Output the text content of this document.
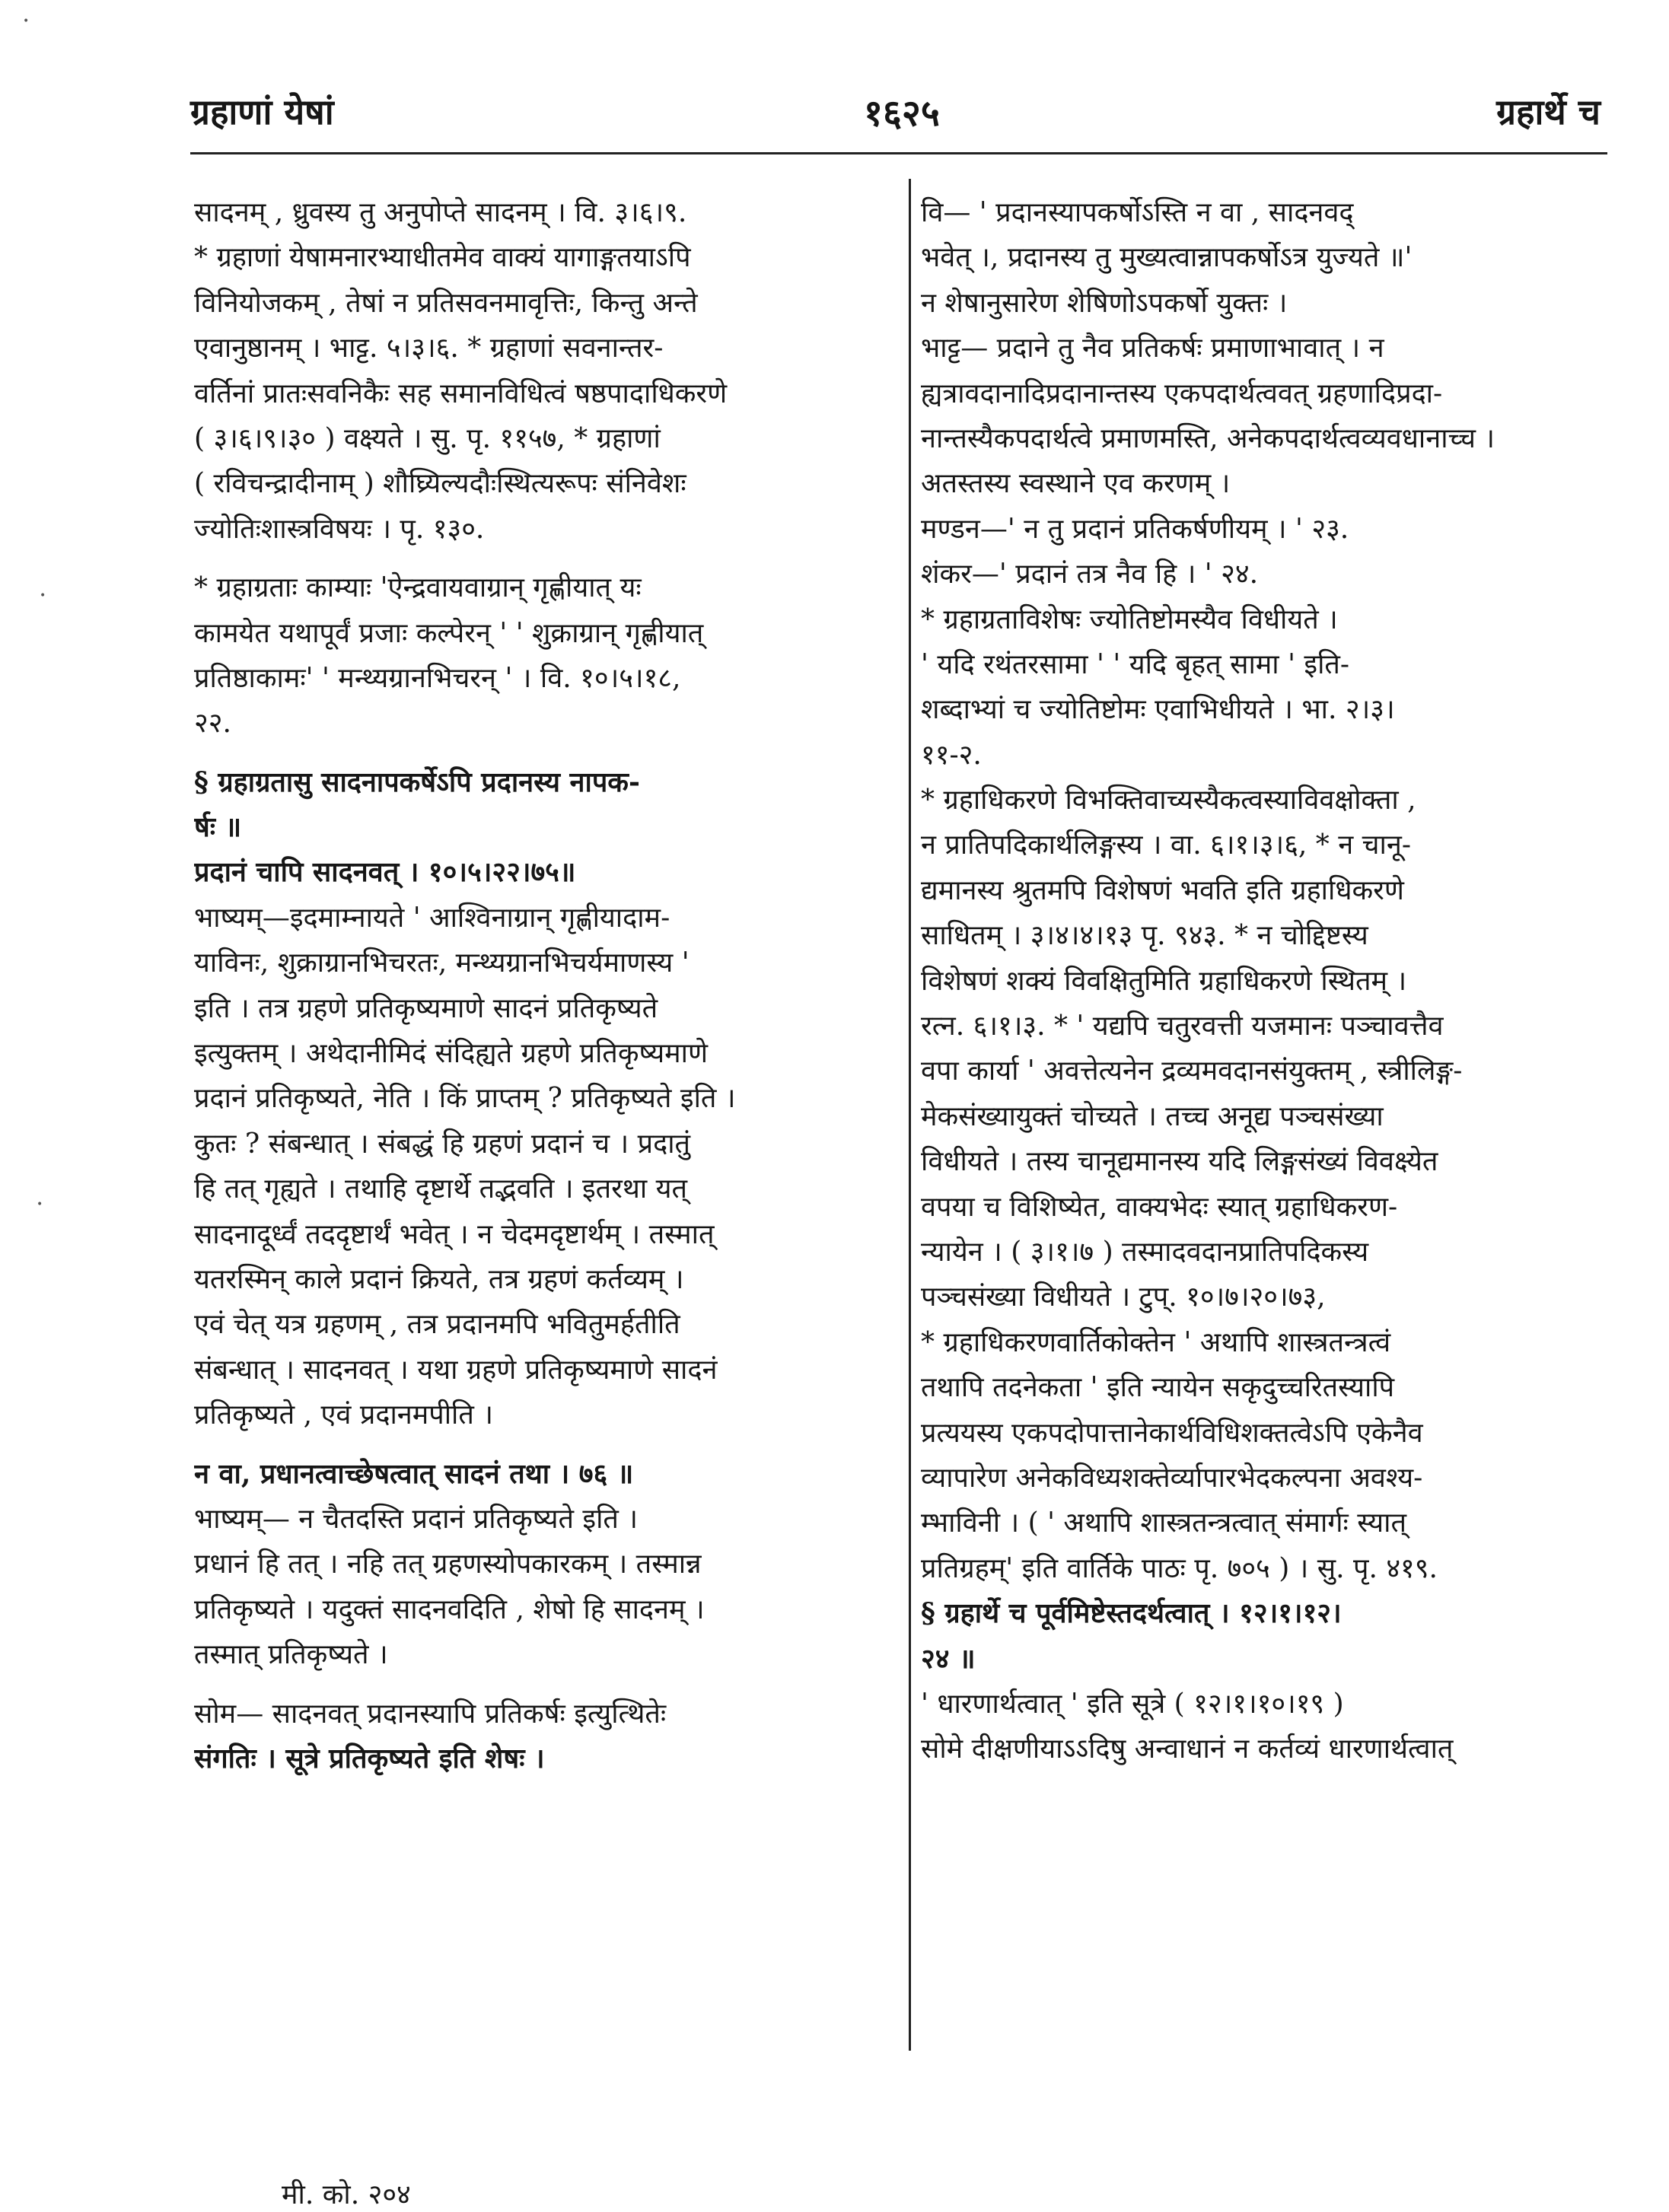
•
•
•
ग्रहाणां येषां	१६२५	ग्रहार्थे च
सादनम् , ध्रुवस्य तु अनुपोप्ते सादनम् । वि. ३।६।९.
* ग्रहाणां येषामनारभ्याधीतमेव वाक्यं यागाङ्गतयाऽपि
विनियोजकम् , तेषां न प्रतिसवनमावृत्तिः, किन्तु अन्ते
एवानुष्ठानम् । भाट्ट. ५।३।६. * ग्रहाणां सवनान्तर-
वर्तिनां प्रातःसवनिकैः सह समानविधित्वं षष्ठपादाधिकरणे
( ३।६।९।३० ) वक्ष्यते । सु. पृ. ११५७, * ग्रहाणां
( रविचन्द्रादीनाम् ) शौघ्र्यिल्यदौःस्थित्यरूपः संनिवेशः
ज्योतिःशास्त्रविषयः । पृ. १३०.
* ग्रहाग्रताः काम्याः 'ऐन्द्रवायवाग्रान् गृह्णीयात् यः
कामयेत यथापूर्वं प्रजाः कल्पेरन् ' ' शुक्राग्रान् गृह्णीयात्
प्रतिष्ठाकामः' ' मन्थ्यग्रानभिचरन् ' । वि. १०।५।१८,
२२.
§ ग्रहाग्रतासु सादनापकर्षेऽपि प्रदानस्य नापक-
र्षः ॥
प्रदानं चापि सादनवत् । १०।५।२२।७५॥
भाष्यम्—इदमाम्नायते ' आश्विनाग्रान् गृह्णीयादाम-
याविनः, शुक्राग्रानभिचरतः, मन्थ्यग्रानभिचर्यमाणस्य '
इति । तत्र ग्रहणे प्रतिकृष्यमाणे सादनं प्रतिकृष्यते
इत्युक्तम् । अथेदानीमिदं संदिह्यते ग्रहणे प्रतिकृष्यमाणे
प्रदानं प्रतिकृष्यते, नेति । किं प्राप्तम् ? प्रतिकृष्यते इति ।
कुतः ? संबन्धात् । संबद्धं हि ग्रहणं प्रदानं च । प्रदातुं
हि तत् गृह्यते । तथाहि दृष्टार्थे तद्भवति । इतरथा यत्
सादनादूर्ध्वं तददृष्टार्थं भवेत् । न चेदमदृष्टार्थम् । तस्मात्
यतरस्मिन् काले प्रदानं क्रियते, तत्र ग्रहणं कर्तव्यम् ।
एवं चेत् यत्र ग्रहणम् , तत्र प्रदानमपि भवितुमर्हतीति
संबन्धात् । सादनवत् । यथा ग्रहणे प्रतिकृष्यमाणे सादनं
प्रतिकृष्यते , एवं प्रदानमपीति ।
न वा, प्रधानत्वाच्छेषत्वात् सादनं तथा । ७६ ॥
भाष्यम्— न चैतदस्ति प्रदानं प्रतिकृष्यते इति ।
प्रधानं हि तत् । नहि तत् ग्रहणस्योपकारकम् । तस्मान्न
प्रतिकृष्यते । यदुक्तं सादनवदिति , शेषो हि सादनम् ।
तस्मात् प्रतिकृष्यते ।
सोम— सादनवत् प्रदानस्यापि प्रतिकर्षः इत्युत्थितेः
संगतिः । सूत्रे प्रतिकृष्यते इति शेषः ।
वि— ' प्रदानस्यापकर्षोऽस्ति न वा , सादनवद्
भवेत् ।, प्रदानस्य तु मुख्यत्वान्नापकर्षोऽत्र युज्यते ॥'
न शेषानुसारेण शेषिणोऽपकर्षो युक्तः ।
भाट्ट— प्रदाने तु नैव प्रतिकर्षः प्रमाणाभावात् । न
ह्यत्रावदानादिप्रदानान्तस्य एकपदार्थत्ववत् ग्रहणादिप्रदा-
नान्तस्यैकपदार्थत्वे प्रमाणमस्ति, अनेकपदार्थत्वव्यवधानाच्च ।
अतस्तस्य स्वस्थाने एव करणम् ।
मण्डन—' न तु प्रदानं प्रतिकर्षणीयम् । ' २३.
शंकर—' प्रदानं तत्र नैव हि । ' २४.
* ग्रहाग्रताविशेषः ज्योतिष्टोमस्यैव विधीयते ।
' यदि रथंतरसामा ' ' यदि बृहत् सामा ' इति-
शब्दाभ्यां च ज्योतिष्टोमः एवाभिधीयते । भा. २।३।
११-२.
* ग्रहाधिकरणे विभक्तिवाच्यस्यैकत्वस्याविवक्षोक्ता ,
न प्रातिपदिकार्थलिङ्गस्य । वा. ६।१।३।६, * न चानू-
द्यमानस्य श्रुतमपि विशेषणं भवति इति ग्रहाधिकरणे
साधितम् । ३।४।४।१३ पृ. ९४३. * न चोद्दिष्टस्य
विशेषणं शक्यं विवक्षितुमिति ग्रहाधिकरणे स्थितम् ।
रत्न. ६।१।३. * ' यद्यपि चतुरवत्ती यजमानः पञ्चावत्तैव
वपा कार्या ' अवत्तेत्यनेन द्रव्यमवदानसंयुक्तम् , स्त्रीलिङ्ग-
मेकसंख्यायुक्तं चोच्यते । तच्च अनूद्य पञ्चसंख्या
विधीयते । तस्य चानूद्यमानस्य यदि लिङ्गसंख्यं विवक्ष्येत
वपया च विशिष्येत, वाक्यभेदः स्यात् ग्रहाधिकरण-
न्यायेन । ( ३।१।७ ) तस्मादवदानप्रातिपदिकस्य
पञ्चसंख्या विधीयते । टुप्. १०।७।२०।७३,
* ग्रहाधिकरणवार्तिकोक्तेन ' अथापि शास्त्रतन्त्रत्वं
तथापि तदनेकता ' इति न्यायेन सकृदुच्चरितस्यापि
प्रत्ययस्य एकपदोपात्तानेकार्थविधिशक्तत्वेऽपि एकेनैव
व्यापारेण अनेकविध्यशक्तेर्व्यापारभेदकल्पना अवश्य-
म्भाविनी । ( ' अथापि शास्त्रतन्त्रत्वात् संमार्गः स्यात्
प्रतिग्रहम्' इति वार्तिके पाठः पृ. ७०५ ) । सु. पृ. ४१९.
§ ग्रहार्थे च पूर्वमिष्टेस्तदर्थत्वात् । १२।१।१२।
२४ ॥
' धारणार्थत्वात् ' इति सूत्रे ( १२।१।१०।१९ )
सोमे दीक्षणीयाऽऽदिषु अन्वाधानं न कर्तव्यं धारणार्थत्वात्
मी. को. २०४
